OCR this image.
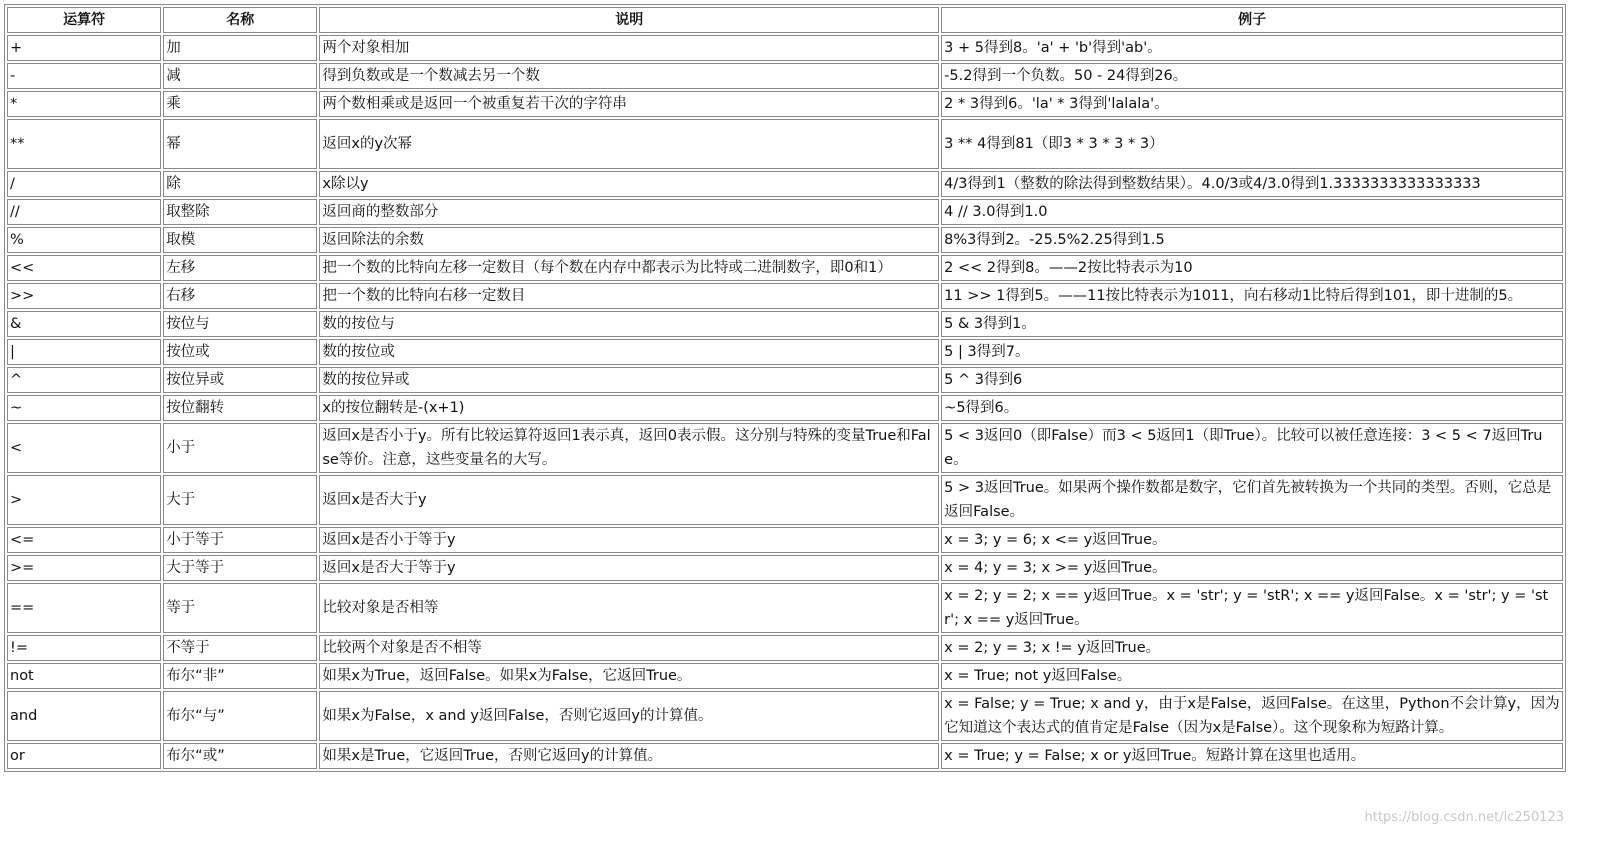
运算符	名称	说明	例子
+	加	两个对象相加	3 + 5得到8。'a' + 'b'得到'ab'。
-	减	得到负数或是一个数减去另一个数	-5.2得到一个负数。50 - 24得到26。
*	乘	两个数相乘或是返回一个被重复若干次的字符串	2 * 3得到6。'la' * 3得到'lalala'。
**	幂	返回x的y次幂	3 ** 4得到81（即3 * 3 * 3 * 3）
/	除	x除以y	4/3得到1（整数的除法得到整数结果）。4.0/3或4/3.0得到1.3333333333333333
//	取整除	返回商的整数部分	4 // 3.0得到1.0
%	取模	返回除法的余数	8%3得到2。-25.5%2.25得到1.5
<<	左移	把一个数的比特向左移一定数目（每个数在内存中都表示为比特或二进制数字，即0和1）	2 << 2得到8。——2按比特表示为10
>>	右移	把一个数的比特向右移一定数目	11 >> 1得到5。——11按比特表示为1011，向右移动1比特后得到101，即十进制的5。
&	按位与	数的按位与	5 & 3得到1。
|	按位或	数的按位或	5 | 3得到7。
^	按位异或	数的按位异或	5 ^ 3得到6
~	按位翻转	x的按位翻转是-(x+1)	~5得到6。
<	小于	返回x是否小于y。所有比较运算符返回1表示真，返回0表示假。这分别与特殊的变量True和False等价。注意，这些变量名的大写。	5 < 3返回0（即False）而3 < 5返回1（即True）。比较可以被任意连接：3 < 5 < 7返回True。
>	大于	返回x是否大于y	5 > 3返回True。如果两个操作数都是数字，它们首先被转换为一个共同的类型。否则，它总是返回False。
<=	小于等于	返回x是否小于等于y	x = 3; y = 6; x <= y返回True。
>=	大于等于	返回x是否大于等于y	x = 4; y = 3; x >= y返回True。
==	等于	比较对象是否相等	x = 2; y = 2; x == y返回True。x = 'str'; y = 'stR'; x == y返回False。x = 'str'; y = 'str'; x == y返回True。
!=	不等于	比较两个对象是否不相等	x = 2; y = 3; x != y返回True。
not	布尔“非”	如果x为True，返回False。如果x为False，它返回True。	x = True; not y返回False。
and	布尔“与”	如果x为False，x and y返回False，否则它返回y的计算值。	x = False; y = True; x and y，由于x是False，返回False。在这里，Python不会计算y，因为它知道这个表达式的值肯定是False（因为x是False）。这个现象称为短路计算。
or	布尔“或”	如果x是True，它返回True，否则它返回y的计算值。	x = True; y = False; x or y返回True。短路计算在这里也适用。
https://blog.csdn.net/lc250123
